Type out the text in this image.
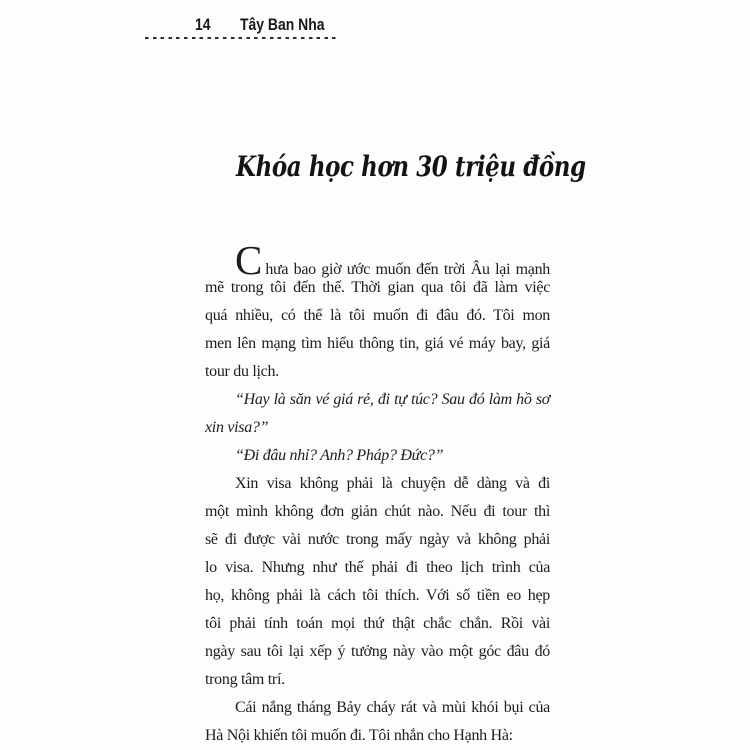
14 Tây Ban Nha
Khóa học hơn 30 triệu đồng
Chưa bao giờ ước muốn đến trời Âu lại mạnh
mẽ trong tôi đến thế. Thời gian qua tôi đã làm việc
quá nhiều, có thể là tôi muốn đi đâu đó. Tôi mon
men lên mạng tìm hiểu thông tin, giá vé máy bay, giá
tour du lịch.
“Hay là săn vé giá rẻ, đi tự túc? Sau đó làm hồ sơ
xin visa?”
“Đi đâu nhỉ? Anh? Pháp? Đức?”
Xin visa không phải là chuyện dễ dàng và đi
một mình không đơn giản chút nào. Nếu đi tour thì
sẽ đi được vài nước trong mấy ngày và không phải
lo visa. Nhưng như thế phải đi theo lịch trình của
họ, không phải là cách tôi thích. Với số tiền eo hẹp
tôi phải tính toán mọi thứ thật chắc chắn. Rồi vài
ngày sau tôi lại xếp ý tưởng này vào một góc đâu đó
trong tâm trí.
Cái nắng tháng Bảy cháy rát và mùi khói bụi của
Hà Nội khiến tôi muốn đi. Tôi nhắn cho Hạnh Hà:
